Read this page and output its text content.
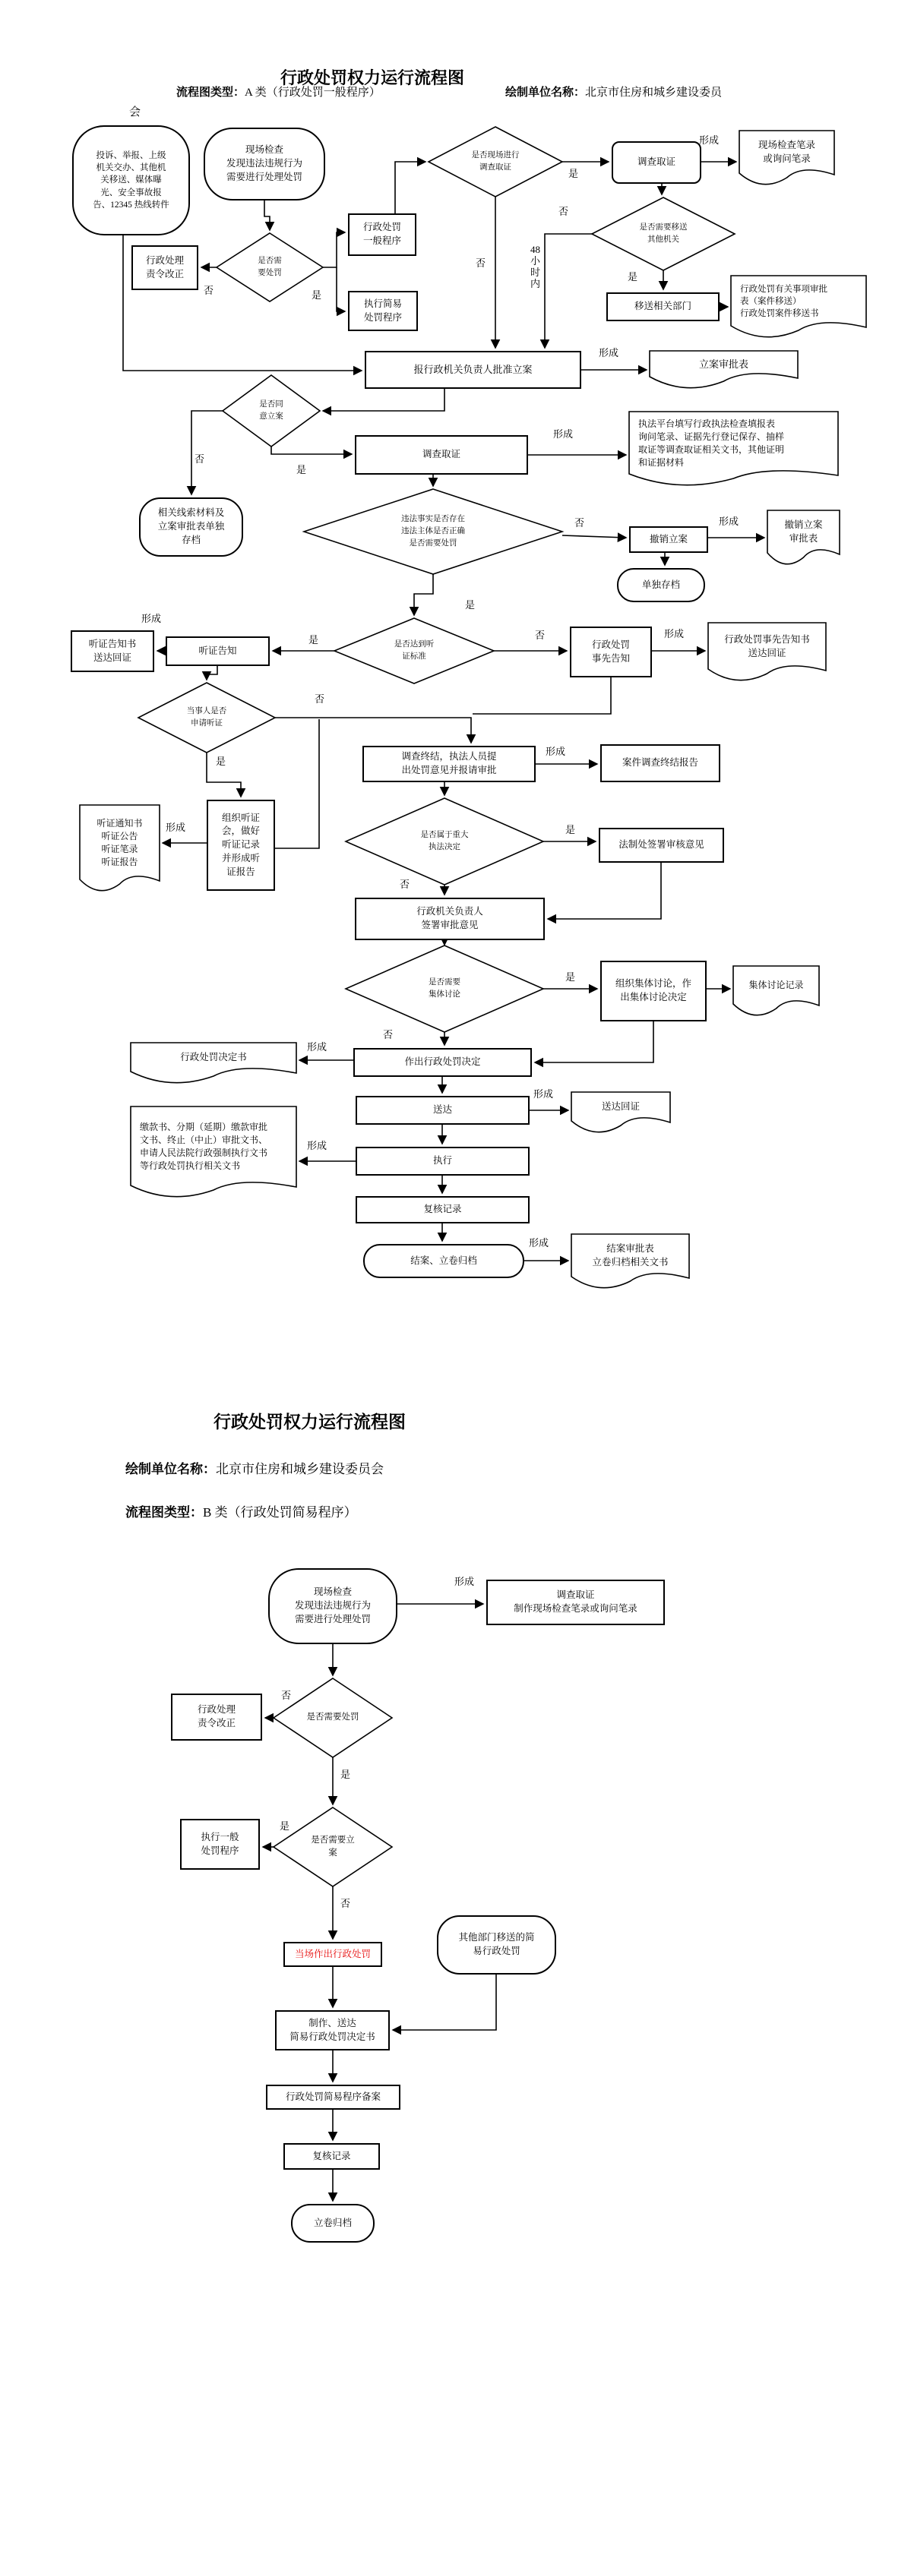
行政处罚权力运行流程图
流程图类型：A 类（行政处罚一般程序）	绘制单位名称：北京市住房和城乡建设委员
会
投诉、举报、上级
机关交办、其他机
关移送、媒体曝
光、安全事故报
告、12345 热线转件
现场检查
发现违法违规行为
需要进行处理处罚
是否现场进行
调查取证
调查取证
现场检查笔录
或询问笔录
是否需
要处罚
行政处理
责令改正
行政处罚
一般程序
执行简易
处罚程序
是否需要移送
其他机关
移送相关部门
行政处罚有关事项审批
表（案件移送）
行政处罚案件移送书
报行政机关负责人批准立案	立案审批表
是否同
意立案
相关线索材料及
立案审批表单独
存档
调查取证
执法平台填写行政执法检查填报表
询问笔录、证据先行登记保存、抽样
取证等调查取证相关文书，其他证明
和证据材料
违法事实是否存在
违法主体是否正确
是否需要处罚	撤销立案
撤销立案
审批表
单独存档
是否达到听
证标准
听证告知
听证告知书
送达回证
当事人是否
申请听证
行政处罚
事先告知
行政处罚事先告知书
送达回证
调查终结，执法人员提
出处罚意见并报请审批
案件调查终结报告
组织听证
会，做好
听证记录
并形成听
证报告
听证通知书
听证公告
听证笔录
听证报告
是否属于重大
执法决定	法制处签署审核意见
行政机关负责人
签署审批意见
是否需要
集体讨论
组织集体讨论，作
出集体讨论决定
集体讨论记录
作出行政处罚决定
行政处罚决定书
送达	送达回证
执行
缴款书、分期（延期）缴款审批
文书、终止（中止）审批文书、
申请人民法院行政强制执行文书
等行政处罚执行相关文书
复核记录
结案、立卷归档
结案审批表
立卷归档相关文书
形成
是
否
否	是
否
48
小
时
内
是
形成
否
是
形成
否	形成
是
是
形成
否	形成
否
是
形成
形成	是
否
是
否
形成
形成
形成
形成
行政处罚权力运行流程图
绘制单位名称：北京市住房和城乡建设委员会
流程图类型：B 类（行政处罚简易程序）
现场检查
发现违法违规行为
需要进行处理处罚
调查取证
制作现场检查笔录或询问笔录
是否需要处罚
行政处理
责令改正
是否需要立
案
执行一般
处罚程序
当场作出行政处罚
其他部门移送的简
易行政处罚
制作、送达
简易行政处罚决定书
行政处罚简易程序备案
复核记录
立卷归档
形成
否
是
是
否
